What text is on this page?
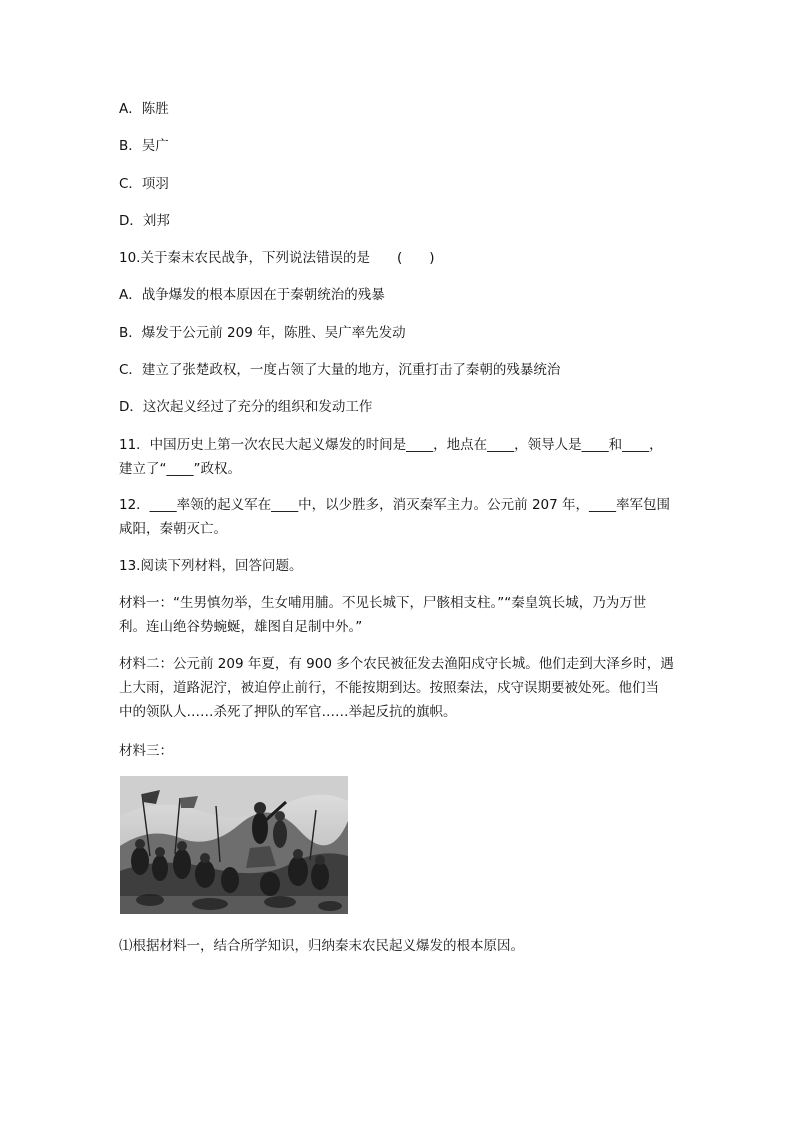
A．陈胜
B．吴广
C．项羽
D．刘邦
10.关于秦末农民战争，下列说法错误的是　　(　　)
A．战争爆发的根本原因在于秦朝统治的残暴
B．爆发于公元前 209 年，陈胜、吴广率先发动
C．建立了张楚政权，一度占领了大量的地方，沉重打击了秦朝的残暴统治
D．这次起义经过了充分的组织和发动工作
11．中国历史上第一次农民大起义爆发的时间是____，地点在____，领导人是____和____，
建立了“____”政权。
12．____率领的起义军在____中，以少胜多，消灭秦军主力。公元前 207 年，____率军包围
咸阳，秦朝灭亡。
13.阅读下列材料，回答问题。
材料一：“生男慎勿举，生女哺用脯。不见长城下，尸骸相支柱。”“秦皇筑长城，乃为万世
利。连山绝谷势蜿蜒，雄图自足制中外。”
材料二：公元前 209 年夏，有 900 多个农民被征发去渔阳戍守长城。他们走到大泽乡时，遇
上大雨，道路泥泞，被迫停止前行，不能按期到达。按照秦法，戍守误期要被处死。他们当
中的领队人……杀死了押队的军官……举起反抗的旗帜。
材料三：
⑴根据材料一，结合所学知识，归纳秦末农民起义爆发的根本原因。
